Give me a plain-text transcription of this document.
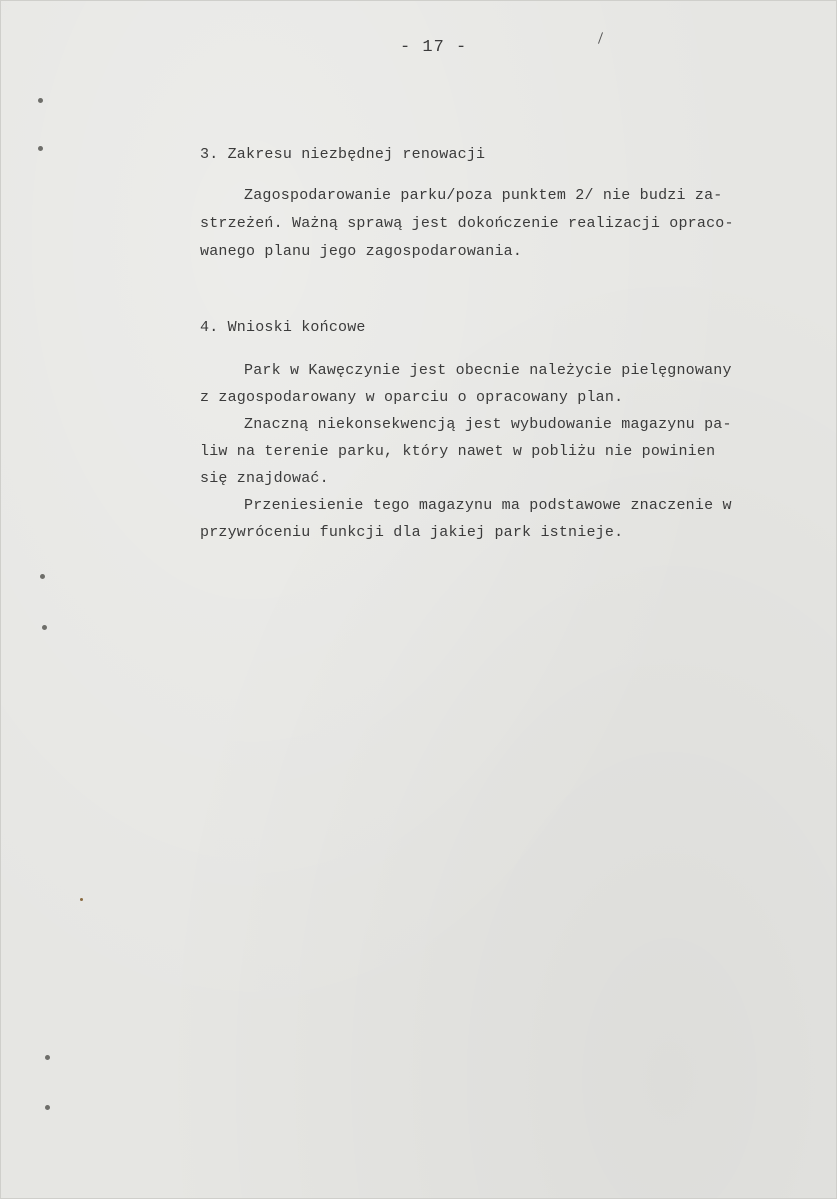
- 17 -
3. Zakresu niezbędnej renowacji
Zagospodarowanie parku/poza punktem 2/ nie budzi za-
strzeżeń. Ważną sprawą jest dokończenie realizacji opraco-
wanego planu jego zagospodarowania.
4. Wnioski końcowe
Park w Kawęczynie jest obecnie należycie pielęgnowany
z zagospodarowany w oparciu o opracowany plan.
Znaczną niekonsekwencją jest wybudowanie magazynu pa-
liw na terenie parku, który nawet w pobliżu nie powinien
się znajdować.
Przeniesienie tego magazynu ma podstawowe znaczenie w
przywróceniu funkcji dla jakiej park istnieje.
